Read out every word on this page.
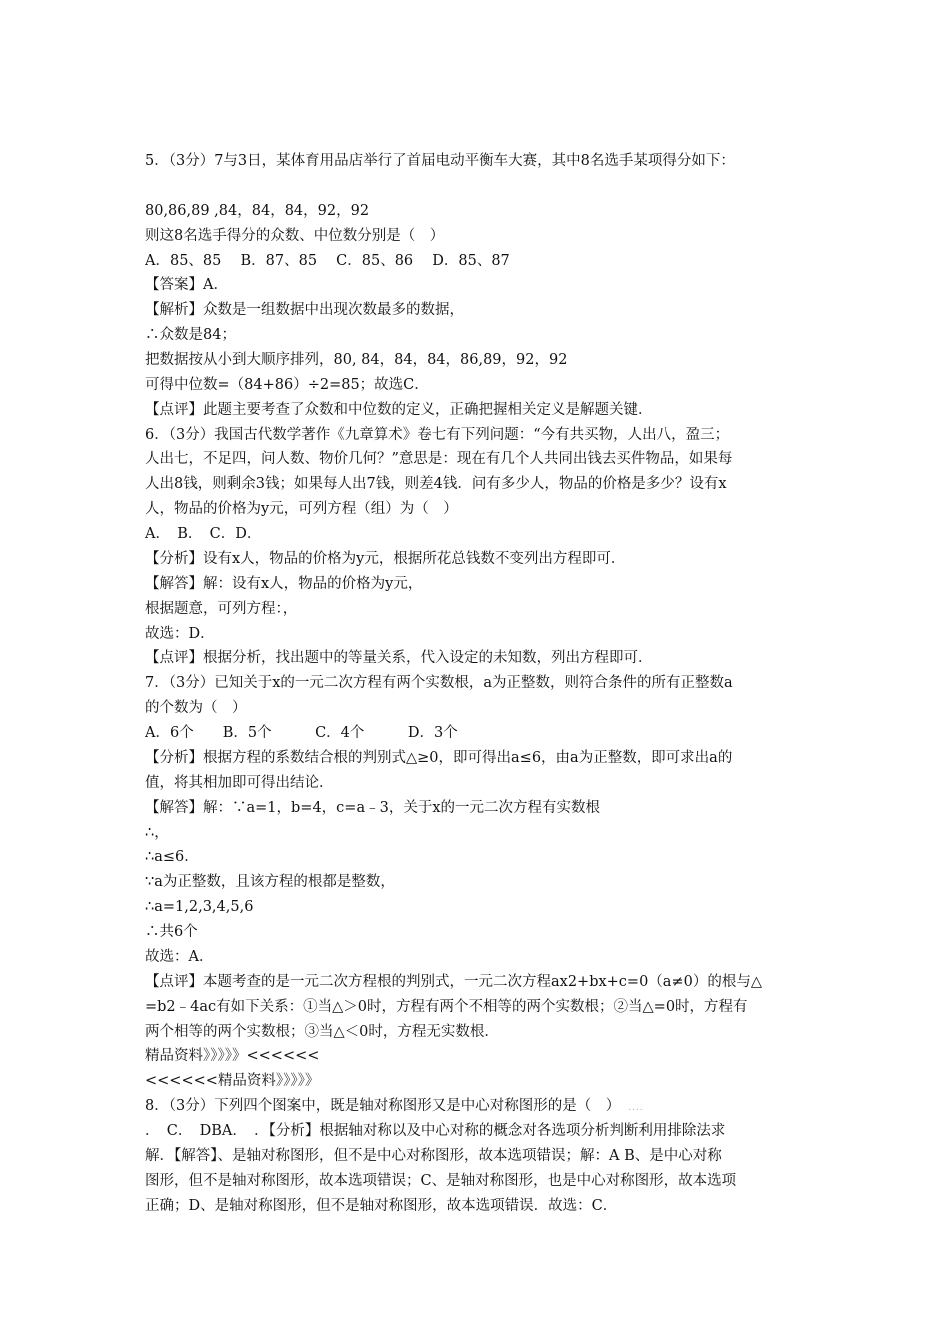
5．（3分）7与3日，某体育用品店举行了首届电动平衡车大赛，其中8名选手某项得分如下：
80,86,89 ,84，84，84，92，92
则这8名选手得分的众数、中位数分别是（　）
A．85、85　 B．87、85　 C．85、86　 D．85、87
【答案】A．
【解析】众数是一组数据中出现次数最多的数据，
∴众数是84；
把数据按从小到大顺序排列，80, 84，84，84，86,89，92，92
可得中位数=（84+86）÷2=85；故选C．
【点评】此题主要考查了众数和中位数的定义，正确把握相关定义是解题关键．
6．（3分）我国古代数学著作《九章算术》卷七有下列问题：“今有共买物，人出八，盈三；
人出七，不足四，问人数、物价几何？”意思是：现在有几个人共同出钱去买件物品，如果每
人出8钱，则剩余3钱；如果每人出7钱，则差4钱．问有多少人，物品的价格是多少？设有x
人，物品的价格为y元，可列方程（组）为（　）
A．　B．　C．D．
【分析】设有x人，物品的价格为y元，根据所花总钱数不变列出方程即可．
【解答】解：设有x人，物品的价格为y元，
根据题意，可列方程：，
故选：D．
【点评】根据分析，找出题中的等量关系，代入设定的未知数，列出方程即可．
7．（3分）已知关于x的一元二次方程有两个实数根，a为正整数，则符合条件的所有正整数a
的个数为（　）
A．6个　　B．5个　　　C．4个　　　D．3个
【分析】根据方程的系数结合根的判别式△≥0，即可得出a≤6，由a为正整数，即可求出a的
值，将其相加即可得出结论．
【解答】解：∵a=1，b=4，c=a﹣3，关于x的一元二次方程有实数根
∴，
∴a≤6．
∵a为正整数，且该方程的根都是整数，
∴a=1,2,3,4,5,6
∴共6个
故选：A．
【点评】本题考查的是一元二次方程根的判别式，一元二次方程ax2+bx+c=0（a≠0）的根与△
=b2﹣4ac有如下关系：①当△＞0时，方程有两个不相等的两个实数根；②当△=0时，方程有
两个相等的两个实数根；③当△＜0时，方程无实数根．
精品资料》》》》》<<<<<<
<<<<<<精品资料》》》》》
8．（3分）下列四个图案中，既是轴对称图形又是中心对称图形的是（　） ....
．　C．　DBA．　．【分析】根据轴对称以及中心对称的概念对各选项分析判断利用排除法求
解．【解答】、是轴对称图形，但不是中心对称图形，故本选项错误；解：A B、是中心对称
图形，但不是轴对称图形，故本选项错误；C、是轴对称图形，也是中心对称图形，故本选项
正确；D、是轴对称图形，但不是轴对称图形，故本选项错误．故选：C．
